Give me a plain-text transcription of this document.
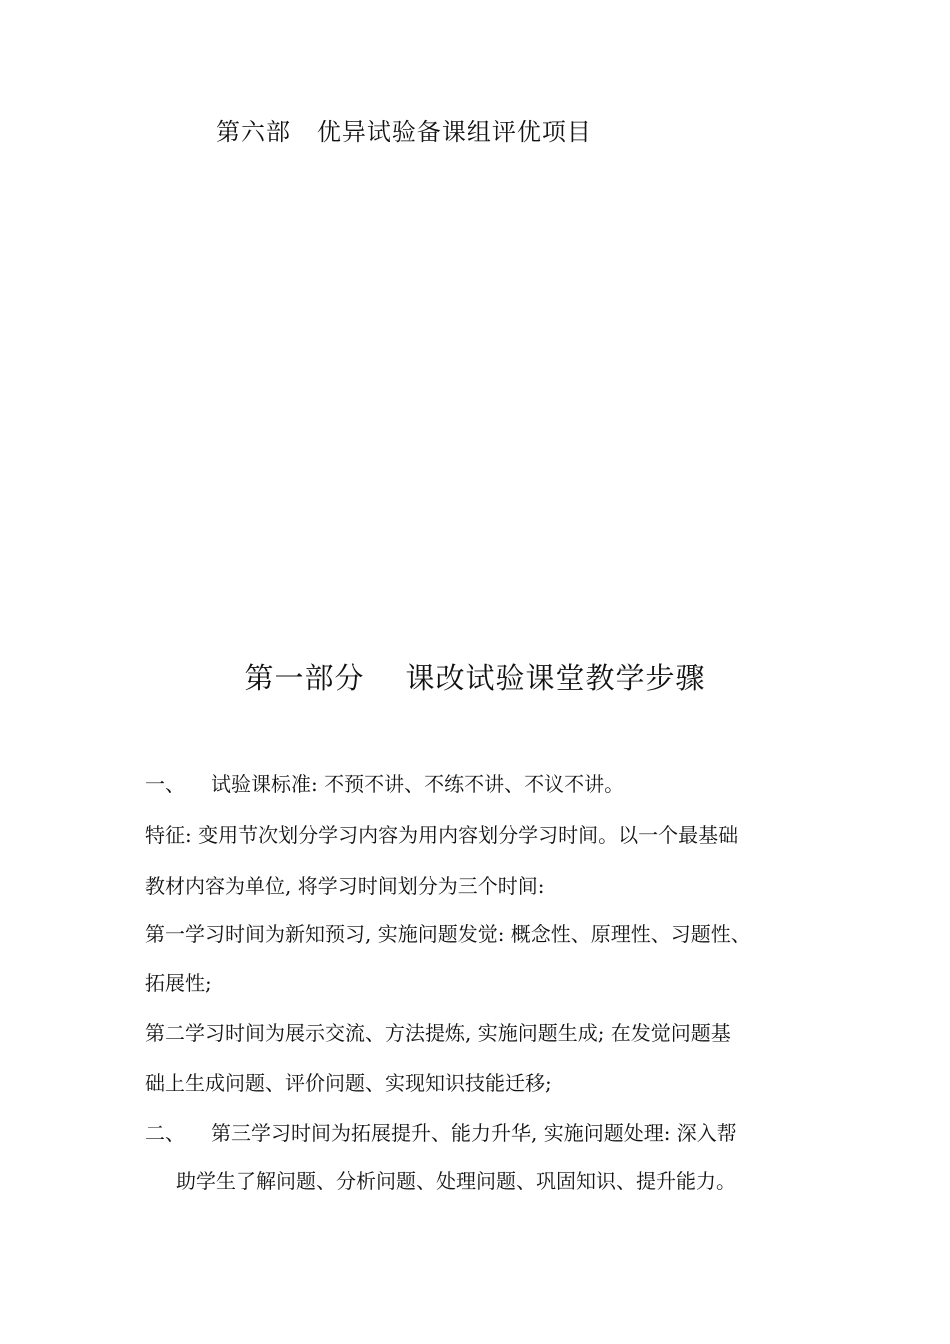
第六部 优异试验备课组评优项目
第一部分 课改试验课堂教学步骤
一、 试验课标准: 不预不讲、不练不讲、不议不讲。
特征: 变用节次划分学习内容为用内容划分学习时间。以一个最基础
教材内容为单位, 将学习时间划分为三个时间:
第一学习时间为新知预习, 实施问题发觉: 概念性、原理性、习题性、
拓展性;
第二学习时间为展示交流、方法提炼, 实施问题生成; 在发觉问题基
础上生成问题、评价问题、实现知识技能迁移;
二、 第三学习时间为拓展提升、能力升华, 实施问题处理: 深入帮
助学生了解问题、分析问题、处理问题、巩固知识、提升能力。
